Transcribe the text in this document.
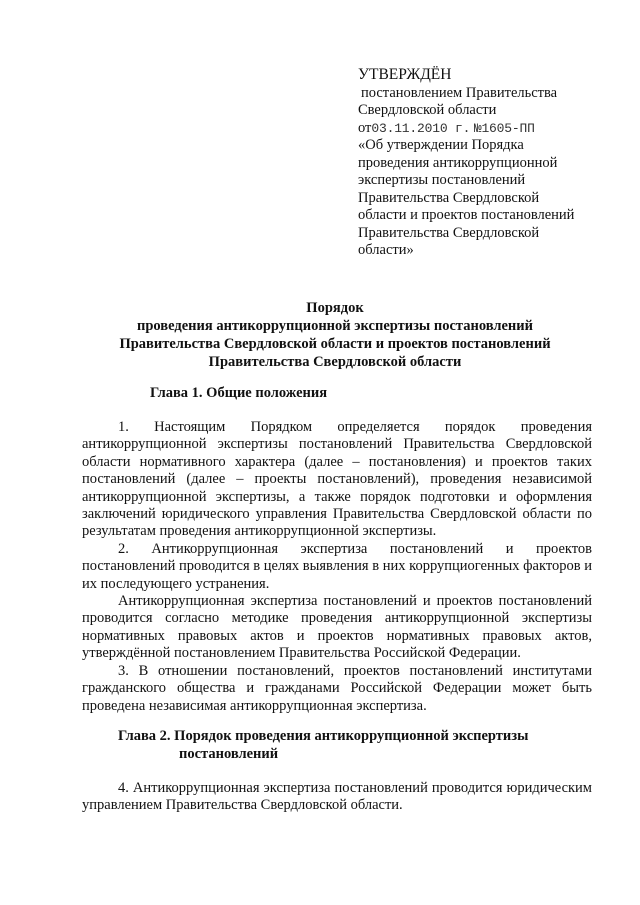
УТВЕРЖДЁН
постановлением Правительства
Свердловской области
от03.11.2010 г. №1605-ПП
«Об утверждении Порядка
проведения антикоррупционной
экспертизы постановлений
Правительства Свердловской
области и проектов постановлений
Правительства Свердловской
области»
Порядок
проведения антикоррупционной экспертизы постановлений
Правительства Свердловской области и проектов постановлений
Правительства Свердловской области
Глава 1. Общие положения

1. Настоящим Порядком определяется порядок проведения антикоррупционной экспертизы постановлений Правительства Свердловской области нормативного характера (далее – постановления) и проектов таких постановлений (далее – проекты постановлений), проведения независимой антикоррупционной экспертизы, а также порядок подготовки и оформления заключений юридического управления Правительства Свердловской области по результатам проведения антикоррупционной экспертизы.

2. Антикоррупционная экспертиза постановлений и проектов постановлений проводится в целях выявления в них коррупциогенных факторов и их последующего устранения.

Антикоррупционная экспертиза постановлений и проектов постановлений проводится согласно методике проведения антикоррупционной экспертизы нормативных правовых актов и проектов нормативных правовых актов, утверждённой постановлением Правительства Российской Федерации.

3. В отношении постановлений, проектов постановлений институтами гражданского общества и гражданами Российской Федерации может быть проведена независимая антикоррупционная экспертиза.

Глава 2. Порядок проведения антикоррупционной экспертизы
постановлений

4. Антикоррупционная экспертиза постановлений проводится юридическим управлением Правительства Свердловской области.
